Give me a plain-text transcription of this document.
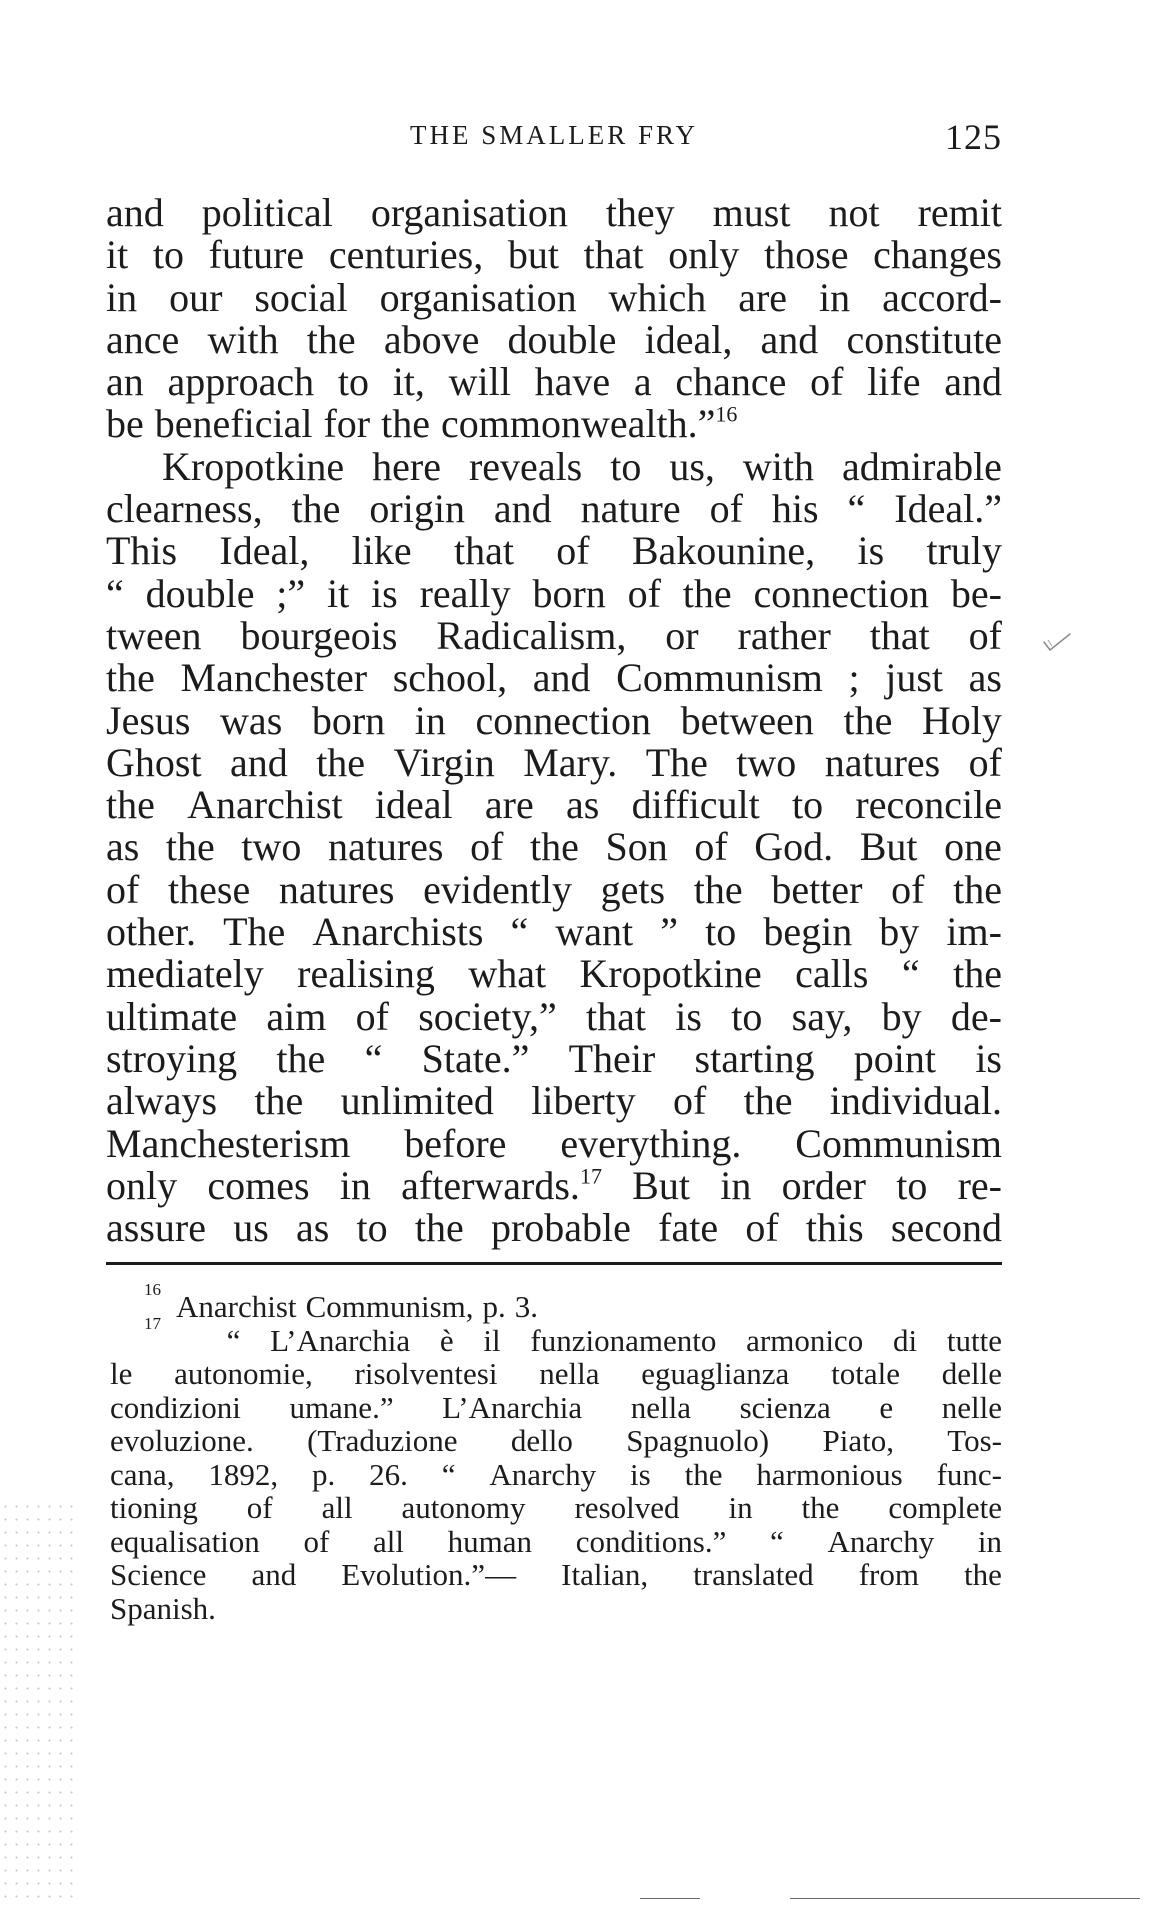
THE SMALLER FRY	125
and political organisation they must not remit
it to future centuries, but that only those changes
in our social organisation which are in accord-
ance with the above double ideal, and constitute
an approach to it, will have a chance of life and
be beneficial for the commonwealth.”$^{16}$
Kropotkine here reveals to us, with admirable
clearness, the origin and nature of his “ Ideal.”
This Ideal, like that of Bakounine, is truly
“ double ;” it is really born of the connection be-
tween bourgeois Radicalism, or rather that of
the Manchester school, and Communism ; just as
Jesus was born in connection between the Holy
Ghost and the Virgin Mary. The two natures of
the Anarchist ideal are as difficult to reconcile
as the two natures of the Son of God. But one
of these natures evidently gets the better of the
other. The Anarchists “ want ” to begin by im-
mediately realising what Kropotkine calls “ the
ultimate aim of society,” that is to say, by de-
stroying the “ State.” Their starting point is
always the unlimited liberty of the individual.
Manchesterism before everything. Communism
only comes in afterwards.$^{17}$ But in order to re-
assure us as to the probable fate of this second
16 Anarchist Communism, p. 3.
17 “ L’Anarchia è il funzionamento armonico di tutte
le autonomie, risolventesi nella eguaglianza totale delle
condizioni umane.” L’Anarchia nella scienza e nelle
evoluzione. (Traduzione dello Spagnuolo) Piato, Tos-
cana, 1892, p. 26. “ Anarchy is the harmonious func-
tioning of all autonomy resolved in the complete
equalisation of all human conditions.” “ Anarchy in
Science and Evolution.”— Italian, translated from the
Spanish.
